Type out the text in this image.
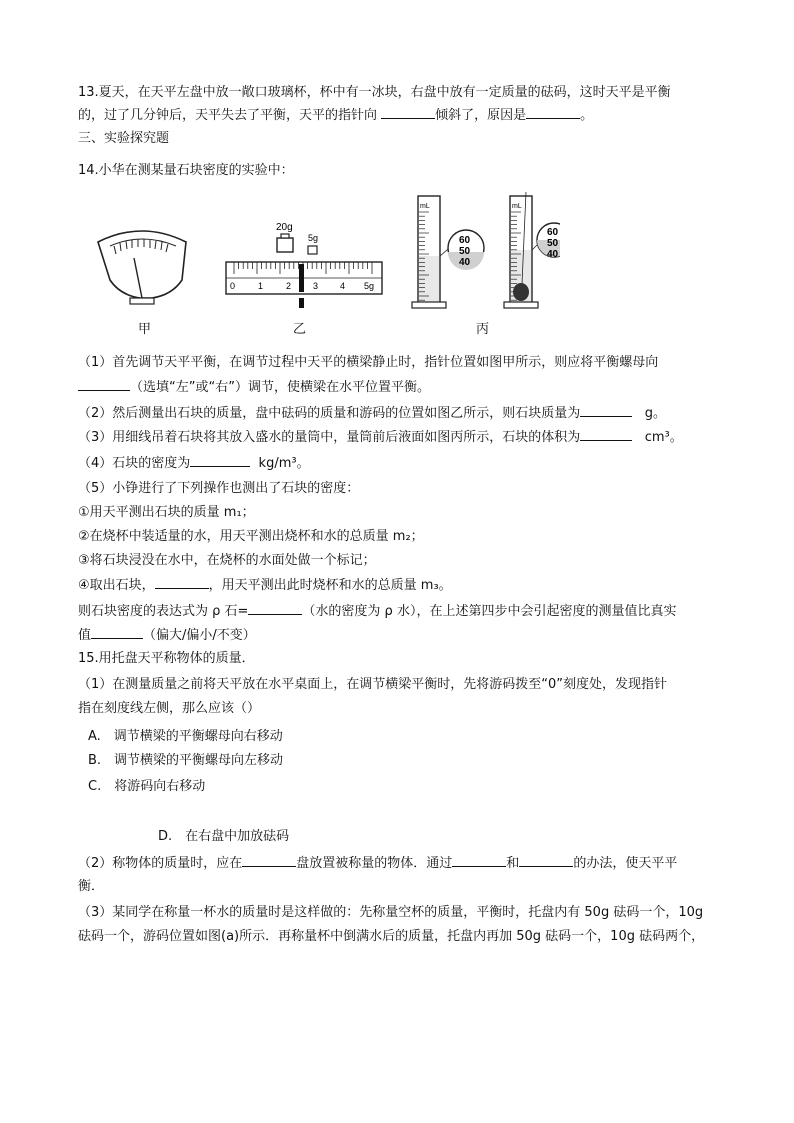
13.夏天，在天平左盘中放一敞口玻璃杯，杯中有一冰块，右盘中放有一定质量的砝码，这时天平是平衡
的，过了几分钟后，天平失去了平衡，天平的指针向	倾斜了，原因是	。
三、实验探究题
14.小华在测某量石块密度的实验中：
20g
5g
0	1	2 3 4 5g
mL
60
50
40
mL
60
50
40
甲	乙	丙
（1）首先调节天平平衡，在调节过程中天平的横梁静止时，指针位置如图甲所示，则应将平衡螺母向
（选填“左”或“右”）调节，使横梁在水平位置平衡。
（2）然后测量出石块的质量，盘中砝码的质量和游码的位置如图乙所示，则石块质量为	g。
（3）用细线吊着石块将其放入盛水的量筒中，量筒前后液面如图丙所示，石块的体积为	cm³。
（4）石块的密度为	kg/m³。
（5）小铮进行了下列操作也测出了石块的密度：
①用天平测出石块的质量 m₁；
②在烧杯中装适量的水，用天平测出烧杯和水的总质量 m₂；
③将石块浸没在水中，在烧杯的水面处做一个标记；
④取出石块，	，用天平测出此时烧杯和水的总质量 m₃。
则石块密度的表达式为 ρ 石=	（水的密度为 ρ 水），在上述第四步中会引起密度的测量值比真实
值	（偏大/偏小/不变）
15.用托盘天平称物体的质量．
（1）在测量质量之前将天平放在水平桌面上，在调节横梁平衡时，先将游码拨至“0”刻度处，发现指针
指在刻度线左侧，那么应该（）
A.　调节横梁的平衡螺母向右移动
B.　调节横梁的平衡螺母向左移动
C.　将游码向右移动
D.　在右盘中加放砝码
（2）称物体的质量时，应在	盘放置被称量的物体．通过	和	的办法，使天平平
衡．
（3）某同学在称量一杯水的质量时是这样做的：先称量空杯的质量，平衡时，托盘内有 50g 砝码一个，10g
砝码一个，游码位置如图(a)所示．再称量杯中倒满水后的质量，托盘内再加 50g 砝码一个，10g 砝码两个，
